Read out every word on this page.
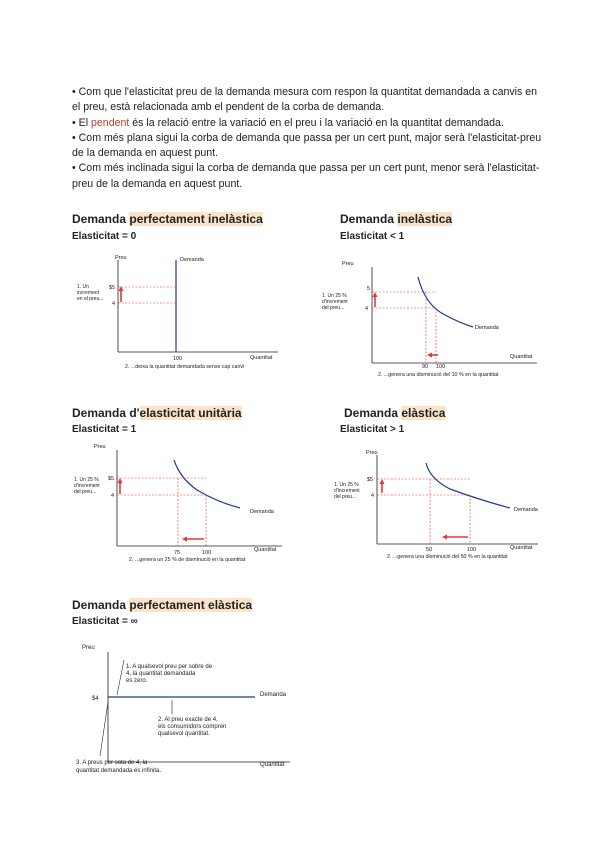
• Com que l'elasticitat preu de la demanda mesura com respon la quantitat demandada a canvis en el preu, està relacionada amb el pendent de la corba de demanda.

• El pendent és la relació entre la variació en el preu i la variació en la quantitat demandada.

• Com més plana sigui la corba de demanda que passa per un cert punt, major serà l'elasticitat-preu de la demanda en aquest punt.

• Com més inclinada sigui la corba de demanda que passa per un cert punt, menor serà l'elasticitat-preu de la demanda en aquest punt.

Demanda perfectament inelàstica
Elasticitat = 0
Preu
Quantitat
Demanda
$5
4
1. Un
increment
en el preu...
100
2. ...deixa la quantitat demandada sense cap canvi
Demanda inelàstica
Elasticitat < 1
Preu
Quantitat
Demanda
5
4
1. Un 25 %
d'increment
del preu...
90 100
2. ...genera una disminució del 10 % en la quantitat
Demanda d'elasticitat unitària
Elasticitat = 1
Preu
Quantitat
Demanda
$5
4
1. Un 25 %
d'increment
del preu...
75	100
2. ...genera un 25 % de disminució en la quantitat
Demanda elàstica
Elasticitat > 1
Preu
Quantitat
Demanda
$5
4
1. Un 25 %
d'increment
del preu...
50	100
2. ...genera una disminució del 50 % en la quantitat
Demanda perfectament elàstica
Elasticitat = ∞
Preu
Quantitat
Demanda
$4
1. A qualsevol preu per sobre de
4, la quantitat demandada
és zero.
2. Al preu exacte de 4,
els consumidors compren
qualsevol quantitat.
3. A preus per sota de 4, la
quantitat demandada és infinita.
